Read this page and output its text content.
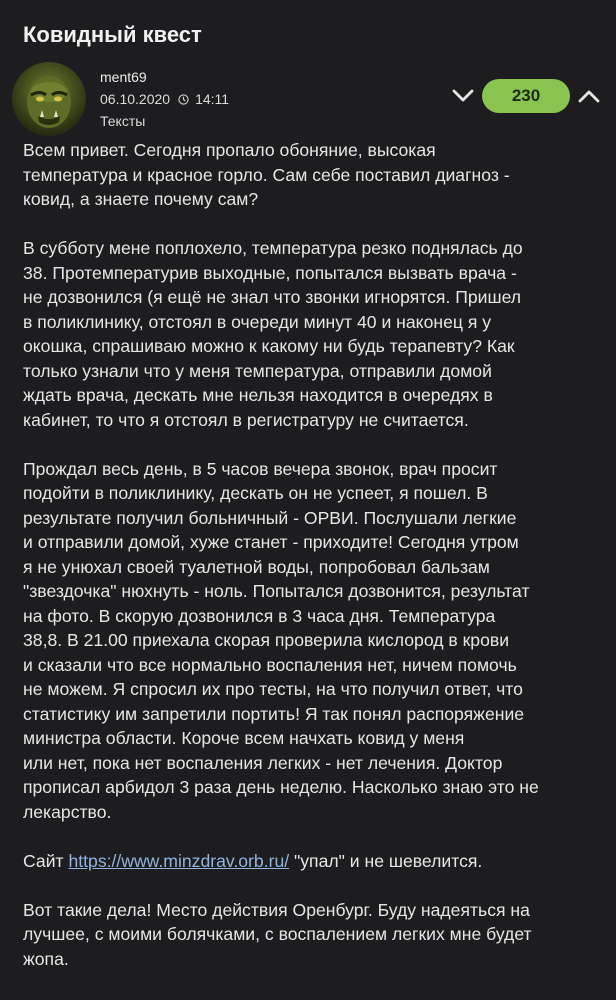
Ковидный квест
ment69
06.10.2020 14:11
Тексты
230
Всем привет. Сегодня пропало обоняние, высокая
температура и красное горло. Сам себе поставил диагноз -
ковид, а знаете почему сам?
В субботу мене поплохело, температура резко поднялась до
38. Протемпературив выходные, попытался вызвать врача -
не дозвонился (я ещё не знал что звонки игнорятся. Пришел
в поликлинику, отстоял в очереди минут 40 и наконец я у
окошка, спрашиваю можно к какому ни будь терапевту? Как
только узнали что у меня температура, отправили домой
ждать врача, дескать мне нельзя находится в очередях в
кабинет, то что я отстоял в регистратуру не считается.
Прождал весь день, в 5 часов вечера звонок, врач просит
подойти в поликлинику, дескать он не успеет, я пошел. В
результате получил больничный - ОРВИ. Послушали легкие
и отправили домой, хуже станет - приходите! Сегодня утром
я не унюхал своей туалетной воды, попробовал бальзам
"звездочка" нюхнуть - ноль. Попытался дозвонится, результат
на фото. В скорую дозвонился в 3 часа дня. Температура
38,8. В 21.00 приехала скорая проверила кислород в крови
и сказали что все нормально воспаления нет, ничем помочь
не можем. Я спросил их про тесты, на что получил ответ, что
статистику им запретили портить! Я так понял распоряжение
министра области. Короче всем начхать ковид у меня
или нет, пока нет воспаления легких - нет лечения. Доктор
прописал арбидол 3 раза день неделю. Насколько знаю это не
лекарство.
Сайт https://www.minzdrav.orb.ru/ "упал" и не шевелится.
Вот такие дела! Место действия Оренбург. Буду надеяться на
лучшее, с моими болячками, с воспалением легких мне будет
жопа.
